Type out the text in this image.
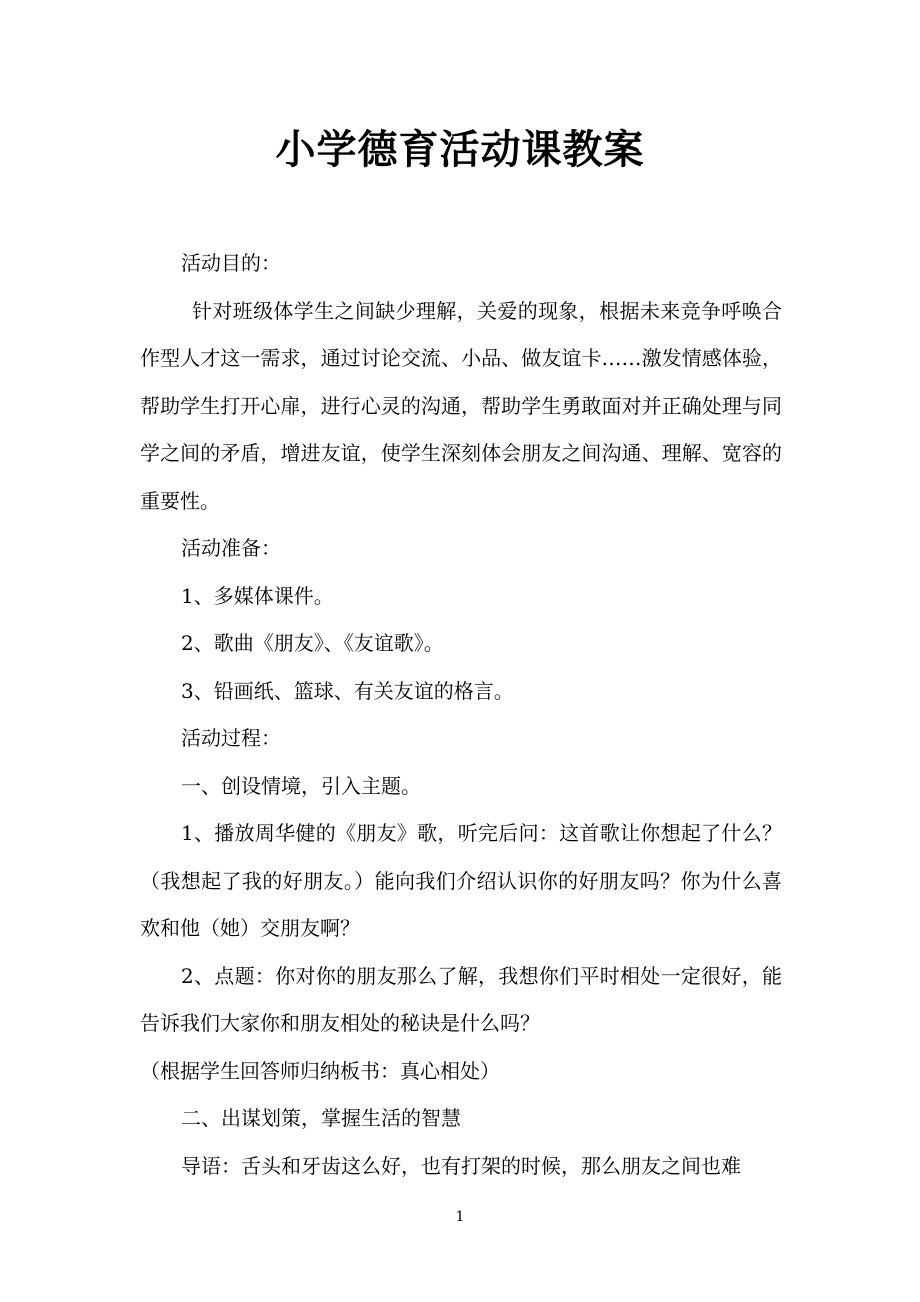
小学德育活动课教案

活动目的：

针对班级体学生之间缺少理解，关爱的现象，根据未来竞争呼唤合作型人才这一需求，通过讨论交流、小品、做友谊卡……激发情感体验，帮助学生打开心扉，进行心灵的沟通，帮助学生勇敢面对并正确处理与同学之间的矛盾，增进友谊，使学生深刻体会朋友之间沟通、理解、宽容的重要性。

活动准备：

1、多媒体课件。

2、歌曲《朋友》、《友谊歌》。

3、铅画纸、篮球、有关友谊的格言。

活动过程：

一、创设情境，引入主题。

1、播放周华健的《朋友》歌，听完后问：这首歌让你想起了什么？（我想起了我的好朋友。）能向我们介绍认识你的好朋友吗？你为什么喜欢和他（她）交朋友啊？

2、点题：你对你的朋友那么了解，我想你们平时相处一定很好，能告诉我们大家你和朋友相处的秘诀是什么吗？

（根据学生回答师归纳板书：真心相处）

二、出谋划策，掌握生活的智慧

导语：舌头和牙齿这么好，也有打架的时候，那么朋友之间也难

1
